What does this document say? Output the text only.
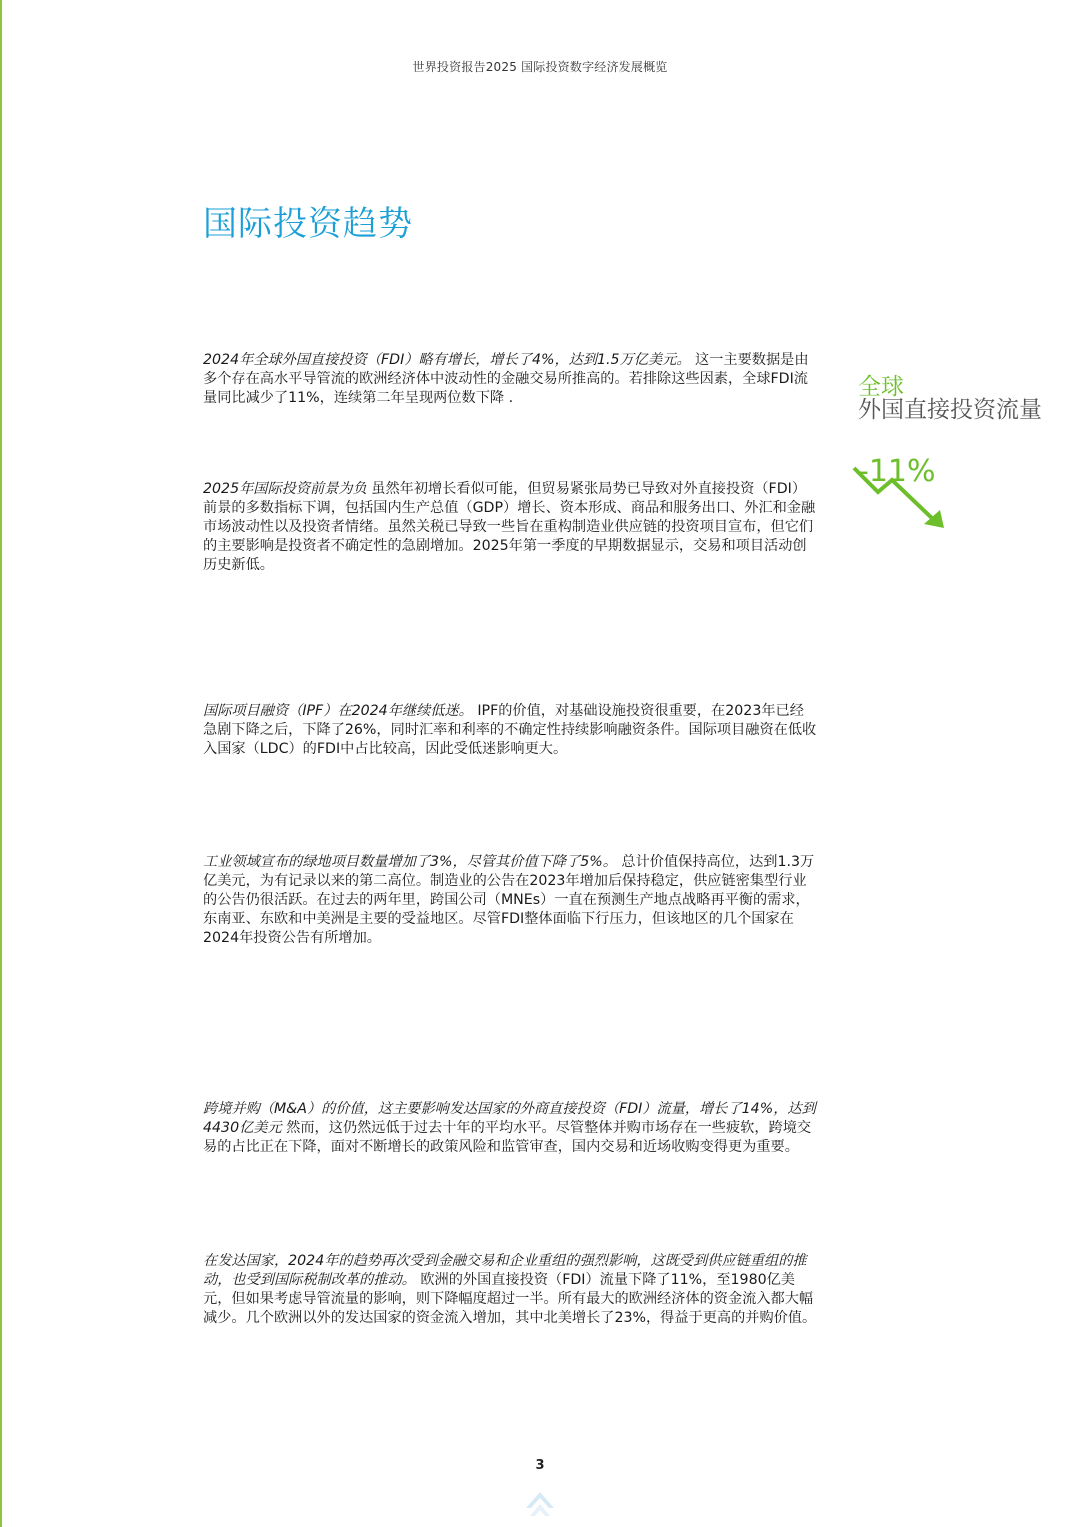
世界投资报告2025 国际投资数字经济发展概览
国际投资趋势

2024年全球外国直接投资（FDI）略有增长，增长了4%，达到1.5万亿美元。 这一主要数据是由多个存在高水平导管流的欧洲经济体中波动性的金融交易所推高的。若排除这些因素，全球FDI流量同比减少了11%，连续第二年呈现两位数下降 .

2025年国际投资前景为负 虽然年初增长看似可能，但贸易紧张局势已导致对外直接投资（FDI）前景的多数指标下调，包括国内生产总值（GDP）增长、资本形成、商品和服务出口、外汇和金融市场波动性以及投资者情绪。虽然关税已导致一些旨在重构制造业供应链的投资项目宣布，但它们的主要影响是投资者不确定性的急剧增加。2025年第一季度的早期数据显示，交易和项目活动创历史新低。

国际项目融资（IPF）在2024年继续低迷。 IPF的价值，对基础设施投资很重要，在2023年已经急剧下降之后，下降了26%，同时汇率和利率的不确定性持续影响融资条件。国际项目融资在低收入国家（LDC）的FDI中占比较高，因此受低迷影响更大。

工业领域宣布的绿地项目数量增加了3%，尽管其价值下降了5%。 总计价值保持高位，达到1.3万亿美元，为有记录以来的第二高位。制造业的公告在2023年增加后保持稳定，供应链密集型行业的公告仍很活跃。在过去的两年里，跨国公司（MNEs）一直在预测生产地点战略再平衡的需求，东南亚、东欧和中美洲是主要的受益地区。尽管FDI整体面临下行压力，但该地区的几个国家在2024年投资公告有所增加。

跨境并购（M&A）的价值，这主要影响发达国家的外商直接投资（FDI）流量，增长了14%，达到4430亿美元 然而，这仍然远低于过去十年的平均水平。尽管整体并购市场存在一些疲软，跨境交易的占比正在下降，面对不断增长的政策风险和监管审查，国内交易和近场收购变得更为重要。

在发达国家，2024年的趋势再次受到金融交易和企业重组的强烈影响，这既受到供应链重组的推动，也受到国际税制改革的推动。 欧洲的外国直接投资（FDI）流量下降了11%，至1980亿美元，但如果考虑导管流量的影响，则下降幅度超过一半。所有最大的欧洲经济体的资金流入都大幅减少。几个欧洲以外的发达国家的资金流入增加，其中北美增长了23%，得益于更高的并购价值。

全球
外国直接投资流量
-11%
3
